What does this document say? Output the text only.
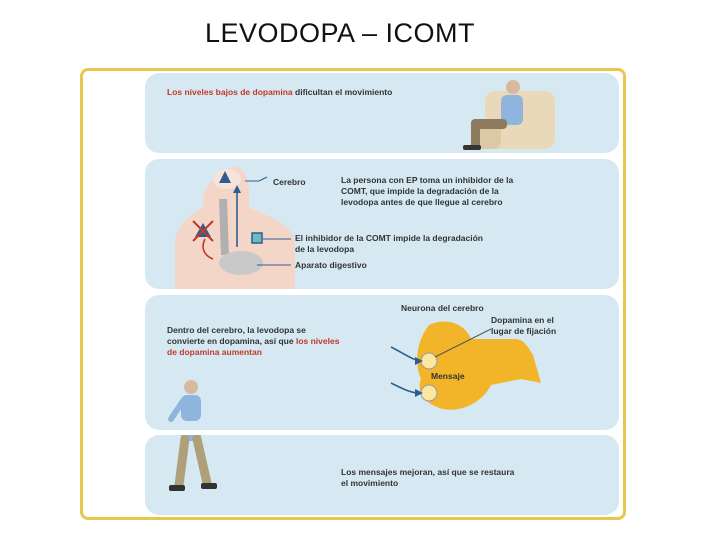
LEVODOPA – ICOMT
Los niveles bajos de dopamina dificultan el movimiento
Cerebro	La persona con EP toma un inhibidor de la COMT, que impide la degradación de la levodopa antes de que llegue al cerebro
El inhibidor de la COMT impide la degradación de la levodopa
Aparato digestivo
Neurona del cerebro
Dentro del cerebro, la levodopa se convierte en dopamina, así que los niveles de dopamina aumentan
Dopamina en el lugar de fijación
Mensaje
Los mensajes mejoran, así que se restaura el movimiento
